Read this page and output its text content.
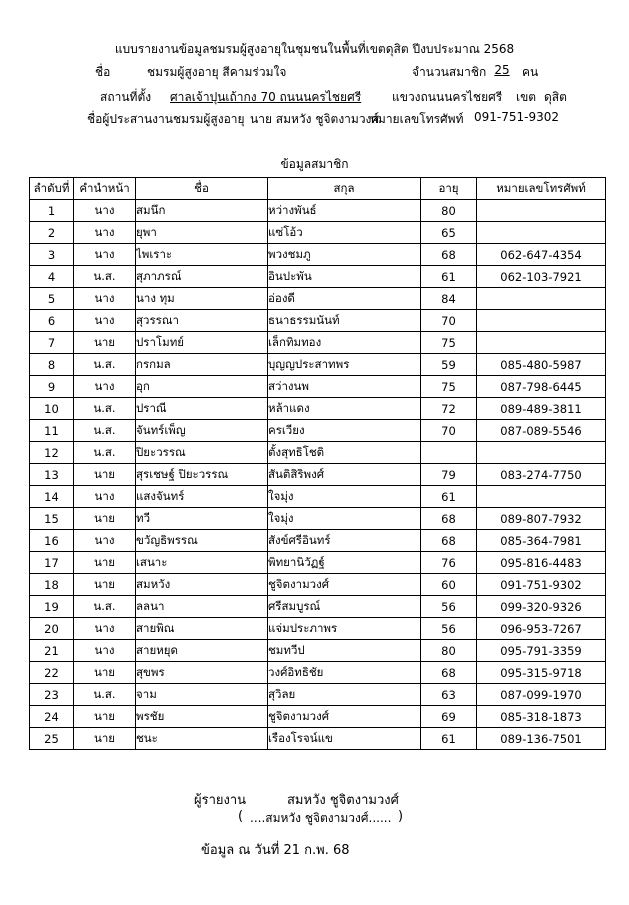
แบบรายงานข้อมูลชมรมผู้สูงอายุในชุมชนในพื้นที่เขตดุสิต ปีงบประมาณ 2568
ชื่อ	ชมรมผู้สูงอายุ สีคามร่วมใจ	จำนวนสมาชิก 25	คน
สถานที่ตั้ง ศาลเจ้าปุนเถ้ากง 70 ถนนนครไชยศรี	แขวงถนนนครไชยศรี เขต ดุสิต
ชื่อผู้ประสานงานชมรมผู้สูงอายุ นาย สมหวัง ชูจิตงามวงศ์
หมายเลขโทรศัพท์ 091-751-9302
ข้อมูลสมาชิก
ลำดับที่	คำนำหน้า	ชื่อ	สกุล	อายุ	หมายเลขโทรศัพท์
1	นาง	สมนึก	หว่างพันธ์	80	
2	นาง	ยุพา	แซ่โอ้ว	65	
3	นาง	ไพเราะ	พวงชมภู	68	062-647-4354
4	น.ส.	สุภาภรณ์	อินปะพัน	61	062-103-7921
5	นาง	นาง ทุม	อ่องดี	84	
6	นาง	สุวรรณา	ธนาธรรมนันท์	70	
7	นาย	ปราโมทย์	เล็กทิมทอง	75	
8	น.ส.	กรกมล	บุญญประสาทพร	59	085-480-5987
9	นาง	อุก	สว่างนพ	75	087-798-6445
10	น.ส.	ปราณี	หล้าแดง	72	089-489-3811
11	น.ส.	จันทร์เพ็ญ	ครเวียง	70	087-089-5546
12	น.ส.	ปิยะวรรณ	ตั้งสุทธิโชติ		
13	นาย	สุรเชษฐ์ ปิยะวรรณ	สันติสิริพงศ์	79	083-274-7750
14	นาง	แสงจันทร์	ใจมุ่ง	61	
15	นาย	ทวี	ใจมุ่ง	68	089-807-7932
16	นาง	ขวัญธิพรรณ	สังข์ศรีอินทร์	68	085-364-7981
17	นาย	เสนาะ	พิทยานิวัฏฐ์	76	095-816-4483
18	นาย	สมหวัง	ชูจิตงามวงศ์	60	091-751-9302
19	น.ส.	ลลนา	ศรีสมบูรณ์	56	099-320-9326
20	นาง	สายพิณ	แจ่มประภาพร	56	096-953-7267
21	นาง	สายหยุด	ชมทวีป	80	095-791-3359
22	นาย	สุขพร	วงศ์อิทธิชัย	68	095-315-9718
23	น.ส.	จาม	สุวิลย	63	087-099-1970
24	นาย	พรชัย	ชูจิตงามวงศ์	69	085-318-1873
25	นาย	ชนะ	เรืองโรจน์แข	61	089-136-7501
ผู้รายงาน	สมหวัง ชูจิตงามวงศ์
( ....สมหวัง ชูจิตงามวงศ์...... )
ข้อมูล ณ วันที่ 21 ก.พ. 68
